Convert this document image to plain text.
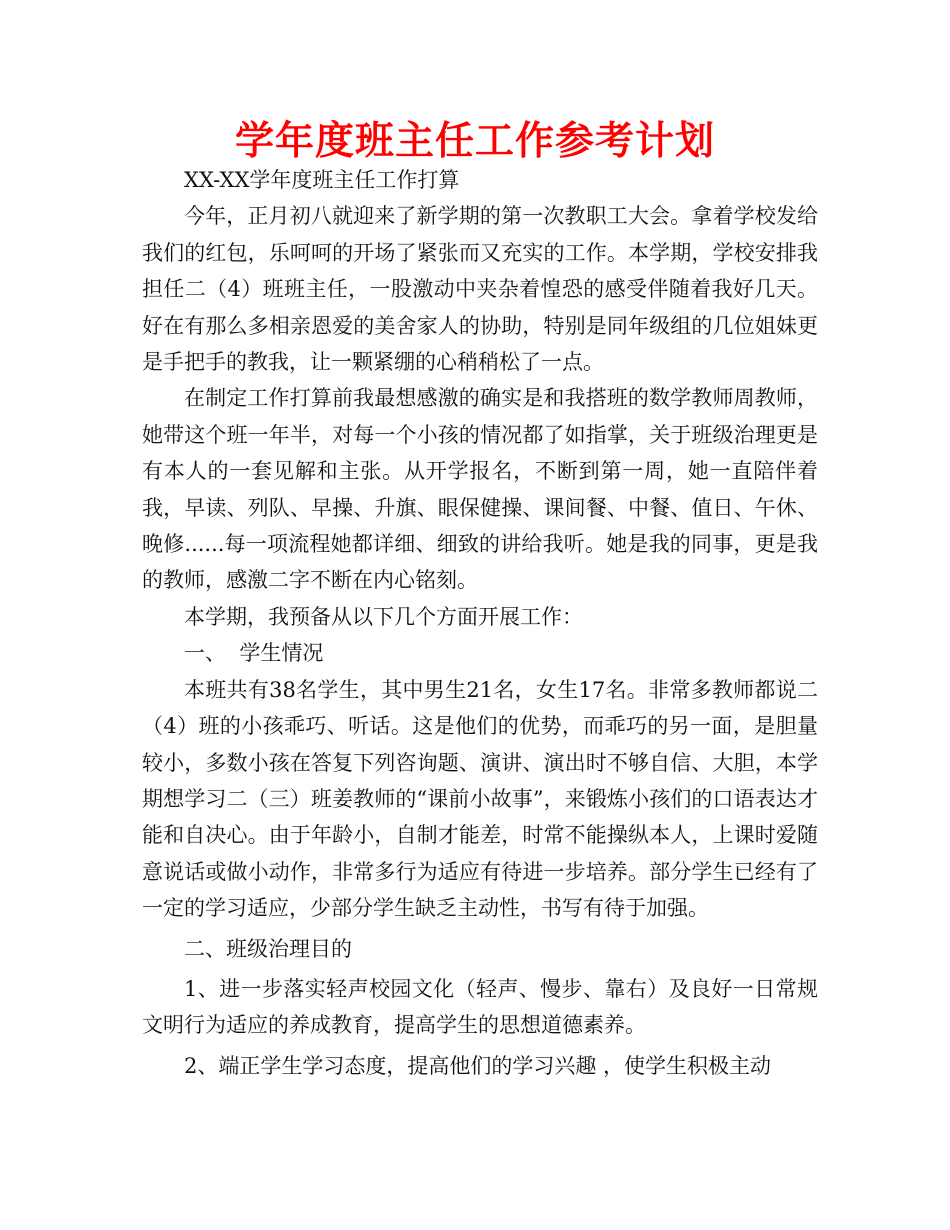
学年度班主任工作参考计划

XX-XX学年度班主任工作打算

今年，正月初八就迎来了新学期的第一次教职工大会。拿着学校发给我们的红包，乐呵呵的开场了紧张而又充实的工作。本学期，学校安排我担任二（4）班班主任，一股激动中夹杂着惶恐的感受伴随着我好几天。好在有那么多相亲恩爱的美舍家人的协助，特别是同年级组的几位姐妹更是手把手的教我，让一颗紧绷的心稍稍松了一点。

在制定工作打算前我最想感激的确实是和我搭班的数学教师周教师，她带这个班一年半，对每一个小孩的情况都了如指掌，关于班级治理更是有本人的一套见解和主张。从开学报名，不断到第一周，她一直陪伴着我，早读、列队、早操、升旗、眼保健操、课间餐、中餐、值日、午休、晚修......每一项流程她都详细、细致的讲给我听。她是我的同事，更是我的教师，感激二字不断在内心铭刻。

本学期，我预备从以下几个方面开展工作：

一、  学生情况

本班共有38名学生，其中男生21名，女生17名。非常多教师都说二（4）班的小孩乖巧、听话。这是他们的优势，而乖巧的另一面，是胆量较小，多数小孩在答复下列咨询题、演讲、演出时不够自信、大胆，本学期想学习二（三）班姜教师的“课前小故事”，来锻炼小孩们的口语表达才能和自决心。由于年龄小，自制才能差，时常不能操纵本人，上课时爱随意说话或做小动作，非常多行为适应有待进一步培养。部分学生已经有了一定的学习适应，少部分学生缺乏主动性，书写有待于加强。

二、班级治理目的

1、进一步落实轻声校园文化（轻声、慢步、靠右）及良好一日常规文明行为适应的养成教育，提高学生的思想道德素养。

2、端正学生学习态度，提高他们的学习兴趣 ，使学生积极主动
